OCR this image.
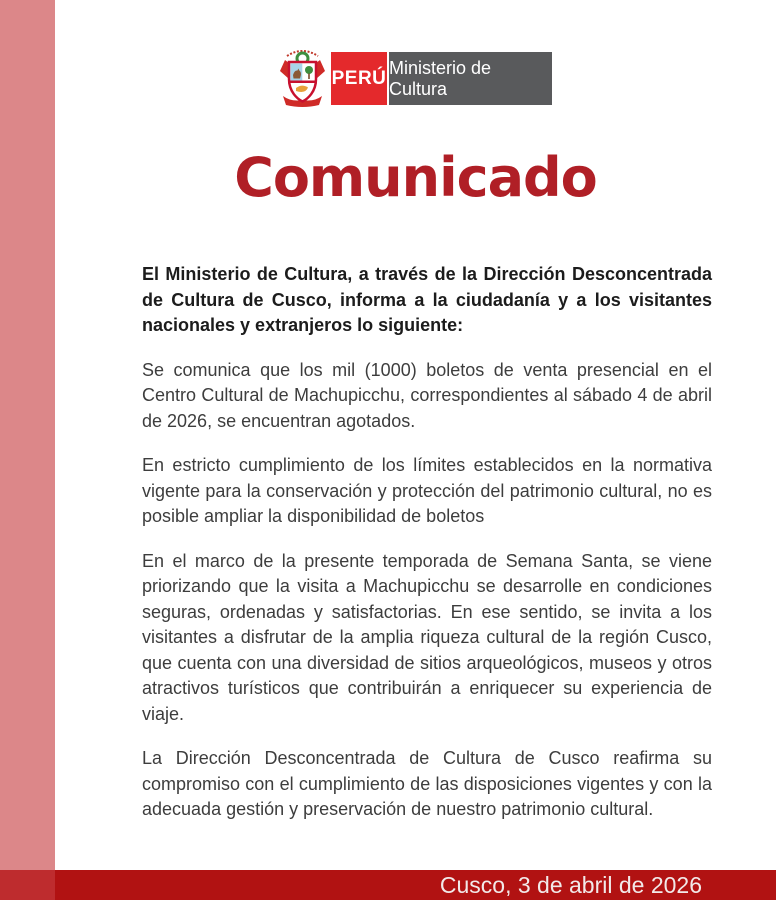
PERÚ Ministerio de Cultura
Comunicado

El Ministerio de Cultura, a través de la Dirección Desconcentrada de Cultura de Cusco, informa a la ciudadanía y a los visitantes nacionales y extranjeros lo siguiente:

Se comunica que los mil (1000) boletos de venta presencial en el Centro Cultural de Machupicchu, correspondientes al sábado 4 de abril de 2026, se encuentran agotados.

En estricto cumplimiento de los límites establecidos en la normativa vigente para la conservación y protección del patrimonio cultural, no es posible ampliar la disponibilidad de boletos

En el marco de la presente temporada de Semana Santa, se viene priorizando que la visita a Machupicchu se desarrolle en condiciones seguras, ordenadas y satisfactorias. En ese sentido, se invita a los visitantes a disfrutar de la amplia riqueza cultural de la región Cusco, que cuenta con una diversidad de sitios arqueológicos, museos y otros atractivos turísticos que contribuirán a enriquecer su experiencia de viaje.

La Dirección Desconcentrada de Cultura de Cusco reafirma su compromiso con el cumplimiento de las disposiciones vigentes y con la adecuada gestión y preservación de nuestro patrimonio cultural.

Cusco, 3 de abril de 2026
